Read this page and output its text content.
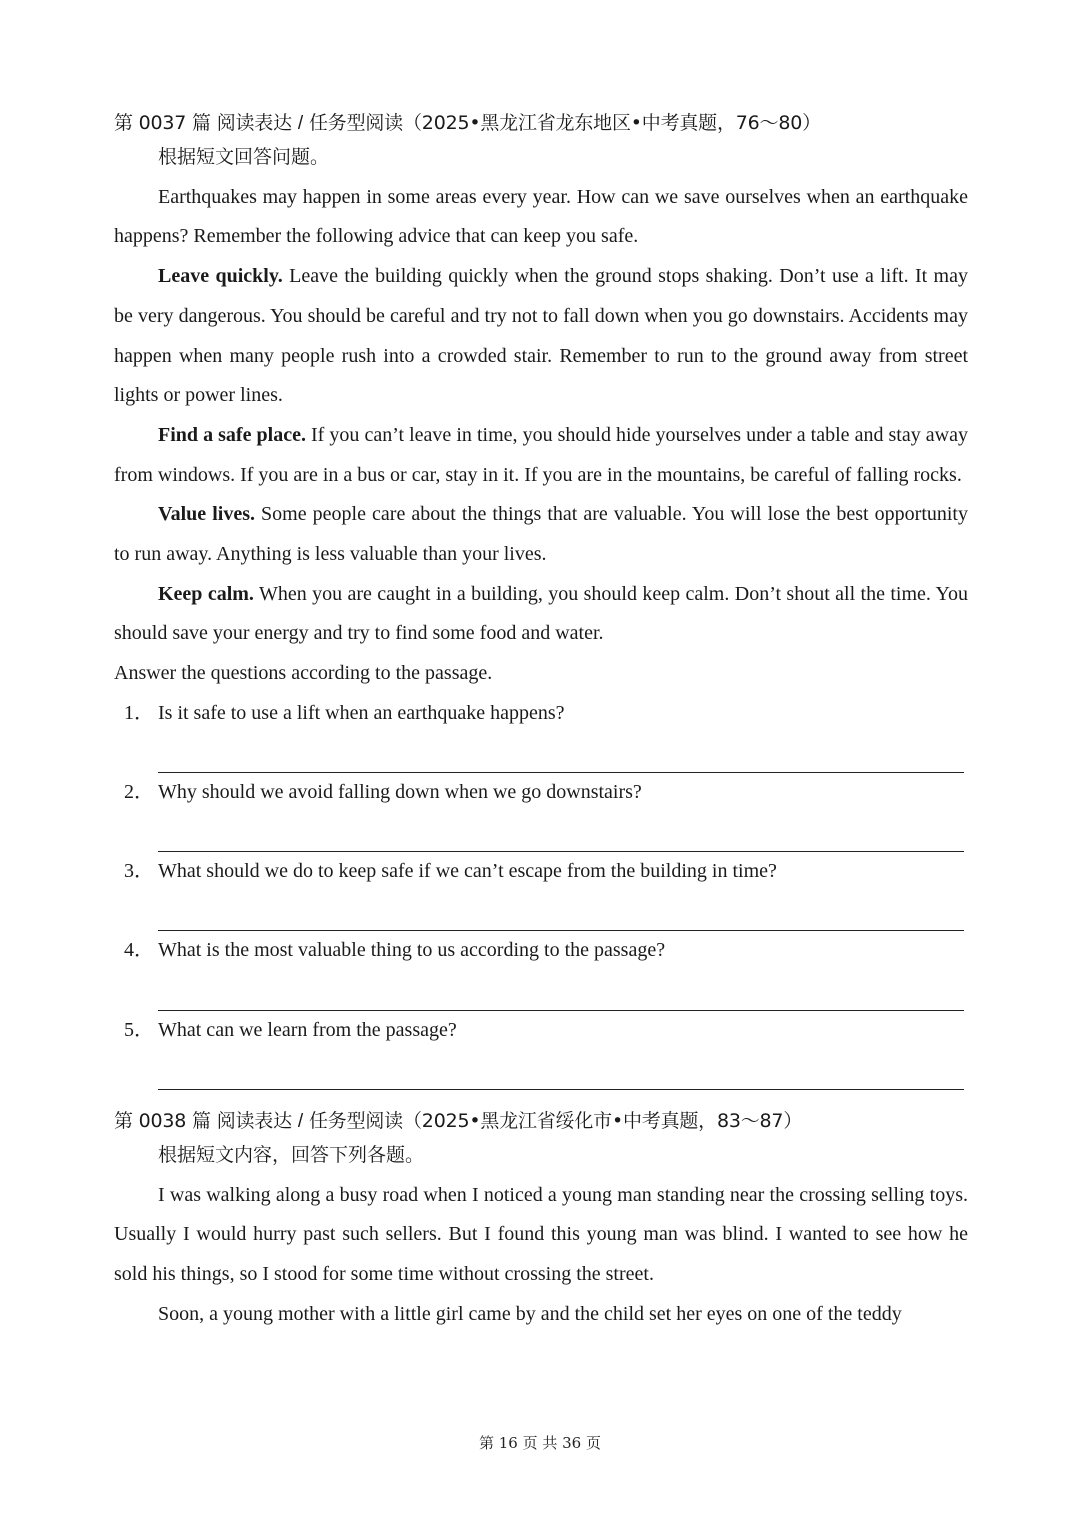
第 0037 篇 阅读表达 / 任务型阅读（2025•黑龙江省龙东地区•中考真题，76～80）

根据短文回答问题。

Earthquakes may happen in some areas every year. How can we save ourselves when an earthquake happens? Remember the following advice that can keep you safe.

Leave quickly. Leave the building quickly when the ground stops shaking. Don’t use a lift. It may be very dangerous. You should be careful and try not to fall down when you go downstairs. Accidents may happen when many people rush into a crowded stair. Remember to run to the ground away from street lights or power lines.

Find a safe place. If you can’t leave in time, you should hide yourselves under a table and stay away from windows. If you are in a bus or car, stay in it. If you are in the mountains, be careful of falling rocks.

Value lives. Some people care about the things that are valuable. You will lose the best opportunity to run away. Anything is less valuable than your lives.

Keep calm. When you are caught in a building, you should keep calm. Don’t shout all the time. You should save your energy and try to find some food and water.

Answer the questions according to the passage.

1． Is it safe to use a lift when an earthquake happens?

2． Why should we avoid falling down when we go downstairs?

3． What should we do to keep safe if we can’t escape from the building in time?

4． What is the most valuable thing to us according to the passage?

5． What can we learn from the passage?

第 0038 篇 阅读表达 / 任务型阅读（2025•黑龙江省绥化市•中考真题，83～87）

根据短文内容，回答下列各题。

I was walking along a busy road when I noticed a young man standing near the crossing selling toys. Usually I would hurry past such sellers. But I found this young man was blind. I wanted to see how he sold his things, so I stood for some time without crossing the street.

Soon, a young mother with a little girl came by and the child set her eyes on one of the teddy

第 16 页 共 36 页
